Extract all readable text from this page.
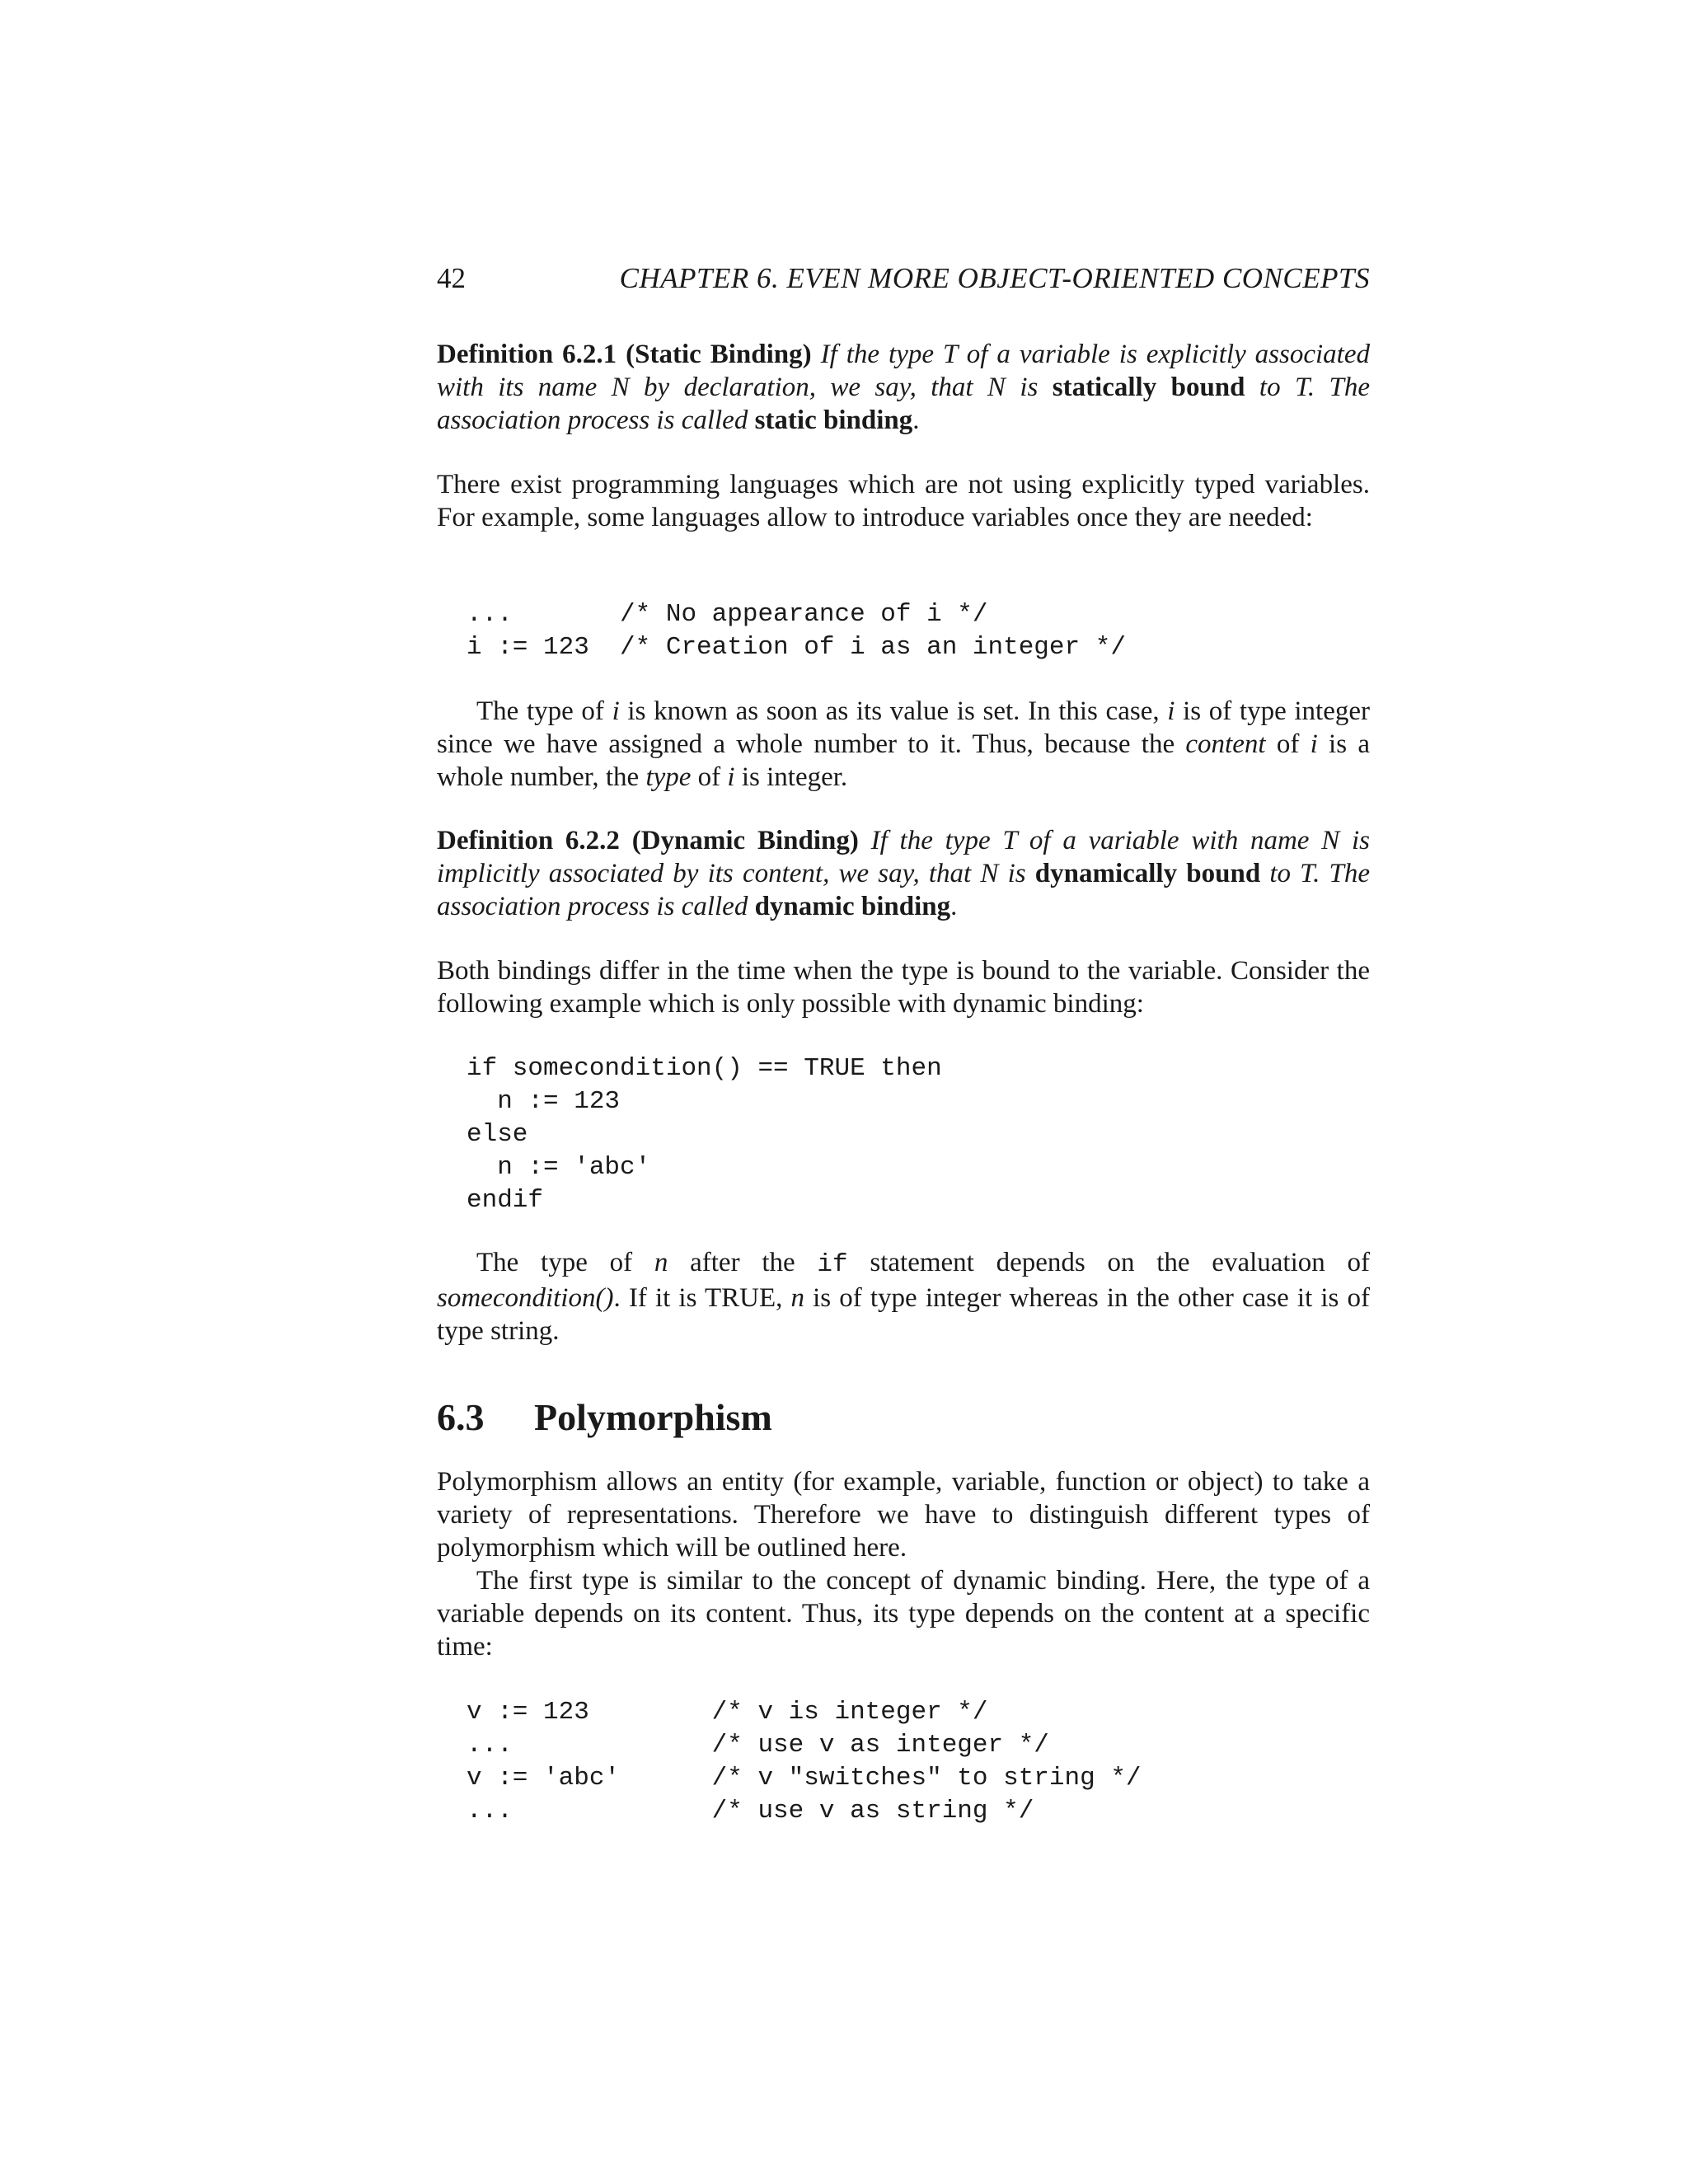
42	CHAPTER 6. EVEN MORE OBJECT-ORIENTED CONCEPTS

Definition 6.2.1 (Static Binding) If the type T of a variable is explicitly associated with its name N by declaration, we say, that N is statically bound to T. The association process is called static binding.

There exist programming languages which are not using explicitly typed variables. For example, some languages allow to introduce variables once they are needed:

...       /* No appearance of i */
i := 123  /* Creation of i as an integer */

The type of i is known as soon as its value is set. In this case, i is of type integer since we have assigned a whole number to it. Thus, because the content of i is a whole number, the type of i is integer.

Definition 6.2.2 (Dynamic Binding) If the type T of a variable with name N is implicitly associated by its content, we say, that N is dynamically bound to T. The association process is called dynamic binding.

Both bindings differ in the time when the type is bound to the variable. Consider the following example which is only possible with dynamic binding:

if somecondition() == TRUE then
n := 123
else
n := 'abc'
endif

The type of n after the if statement depends on the evaluation of somecondition(). If it is TRUE, n is of type integer whereas in the other case it is of type string.

6.3 Polymorphism

Polymorphism allows an entity (for example, variable, function or object) to take a variety of representations. Therefore we have to distinguish different types of polymorphism which will be outlined here.

The first type is similar to the concept of dynamic binding. Here, the type of a variable depends on its content. Thus, its type depends on the content at a specific time:

v := 123        /* v is integer */
...             /* use v as integer */
v := 'abc'      /* v "switches" to string */
...             /* use v as string */
